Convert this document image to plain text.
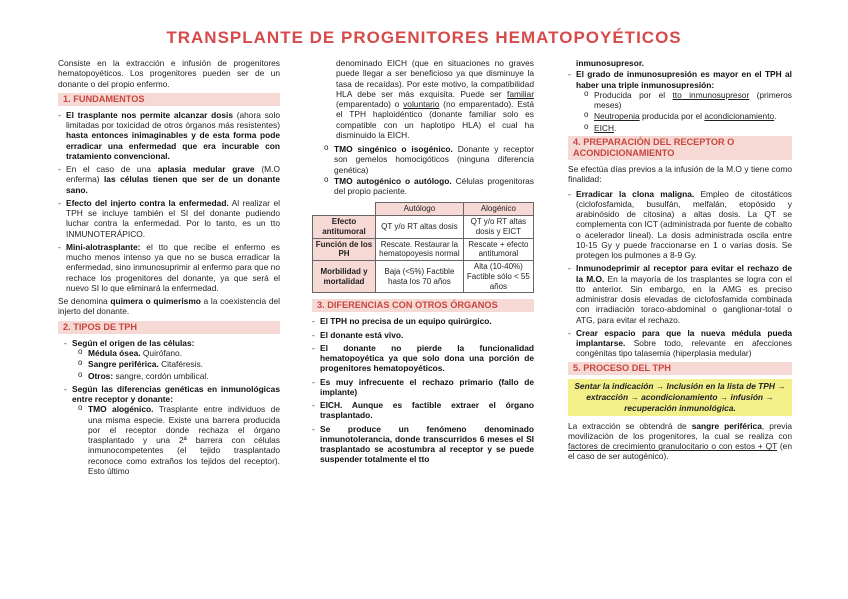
TRANSPLANTE DE PROGENITORES HEMATOPOYÉTICOS

Consiste en la extracción e infusión de progenitores hematopoyéticos. Los progenitores pueden ser de un donante o del propio enfermo.

1. FUNDAMENTOS
- El trasplante nos permite alcanzar dosis (ahora solo limitadas por toxicidad de otros órganos más resistentes) hasta entonces inimaginables y de esta forma pode erradicar una enfermedad que era incurable con tratamiento convencional.
- En el caso de una aplasia medular grave (M.O enferma) las células tienen que ser de un donante sano.
- Efecto del injerto contra la enfermedad. Al realizar el TPH se incluye también el SI del donante pudiendo luchar contra la enfermedad. Por lo tanto, es un tto INMUNOTERÁPICO.
- Mini-alotrasplante: el tto que recibe el enfermo es mucho menos intenso ya que no se busca erradicar la enfermedad, sino inmunosuprimir al enfermo para que no rechace los progenitores del donante, ya que será el nuevo SI lo que eliminará la enfermedad.

Se denomina quimera o quimerismo a la coexistencia del injerto del donante.

2. TIPOS DE TPH
- Según el origen de las células:
o Médula ósea. Quirófano.
o Sangre periférica. Citaféresis.
o Otros: sangre, cordón umbilical.
- Según las diferencias genéticas en inmunológicas entre receptor y donante:
o TMO alogénico. Trasplante entre individuos de una misma especie. Existe una barrera producida por el receptor donde rechaza el órgano trasplantado y una 2ª barrera con células inmunocompetentes (el tejido trasplantado reconoce como extraños los tejidos del receptor). Esto último

denominado EICH (que en situaciones no graves puede llegar a ser beneficioso ya que disminuye la tasa de recaídas). Por este motivo, la compatibilidad HLA debe ser más exquisita. Puede ser familiar (emparentado) o voluntario (no emparentado). Está el TPH haploidéntico (donante familiar solo es compatible con un haplotipo HLA) el cual ha disminuido la EICH.

o TMO singénico o isogénico. Donante y receptor son gemelos homocigóticos (ninguna diferencia genética)
o TMO autogénico o autólogo. Células progenitoras del propio paciente.
	Autólogo	Alogénico
Efecto antitumoral	QT y/o RT altas dosis	QT y/o RT altas dosis y EICT
Función de los PH	Rescate. Restaurar la hematopoyesis normal	Rescate + efecto antitumoral
Morbilidad y mortalidad	Baja (<5%) Factible hasta los 70 años	Alta (10-40%) Factible sólo < 55 años
3. DIFERENCIAS CON OTROS ÓRGANOS
- El TPH no precisa de un equipo quirúrgico.
- El donante está vivo.
- El donante no pierde la funcionalidad hematopoyética ya que solo dona una porción de progenitores hematopoyéticos.
- Es muy infrecuente el rechazo primario (fallo de implante)
- EICH. Aunque es factible extraer el órgano trasplantado.
- Se produce un fenómeno denominado inmunotolerancia, donde transcurridos 6 meses el SI trasplantado se acostumbra al receptor y se puede suspender totalmente el tto

inmunosupresor.

- El grado de inmunosupresión es mayor en el TPH al haber una triple inmunosupresión:
o Producida por el tto inmunosupresor (primeros meses)
o Neutropenia producida por el acondicionamiento.
o EICH.
4. PREPARACIÓN DEL RECEPTOR O ACONDICIONAMIENTO

Se efectúa días previos a la infusión de la M.O y tiene como finalidad:

- Erradicar la clona maligna. Empleo de citostáticos (ciclofosfamida, busulfán, melfalán, etopósido y arabinósido de citosina) a altas dosis. La QT se complementa con ICT (administrada por fuente de cobalto o acelerador lineal). La dosis administrada oscila entre 10-15 Gy y puede fraccionarse en 1 o varias dosis. Se protegen los pulmones a 8-9 Gy.
- Inmunodeprimir al receptor para evitar el rechazo de la M.O. En la mayoría de los trasplantes se logra con el tto anterior. Sin embargo, en la AMG es preciso administrar dosis elevadas de ciclofosfamida combinada con irradiación toraco-abdominal o ganglionar-total o ATG, para evitar el rechazo.
- Crear espacio para que la nueva médula pueda implantarse. Sobre todo, relevante en afecciones congénitas tipo talasemia (hiperplasia medular)
5. PROCESO DEL TPH
Sentar la indicación → Inclusión en la lista de TPH → extracción → acondicionamiento → infusión → recuperación inmunológica.

La extracción se obtendrá de sangre periférica, previa movilización de los progenitores, la cual se realiza con factores de crecimiento granulocitario o con estos + QT (en el caso de ser autogénico).
